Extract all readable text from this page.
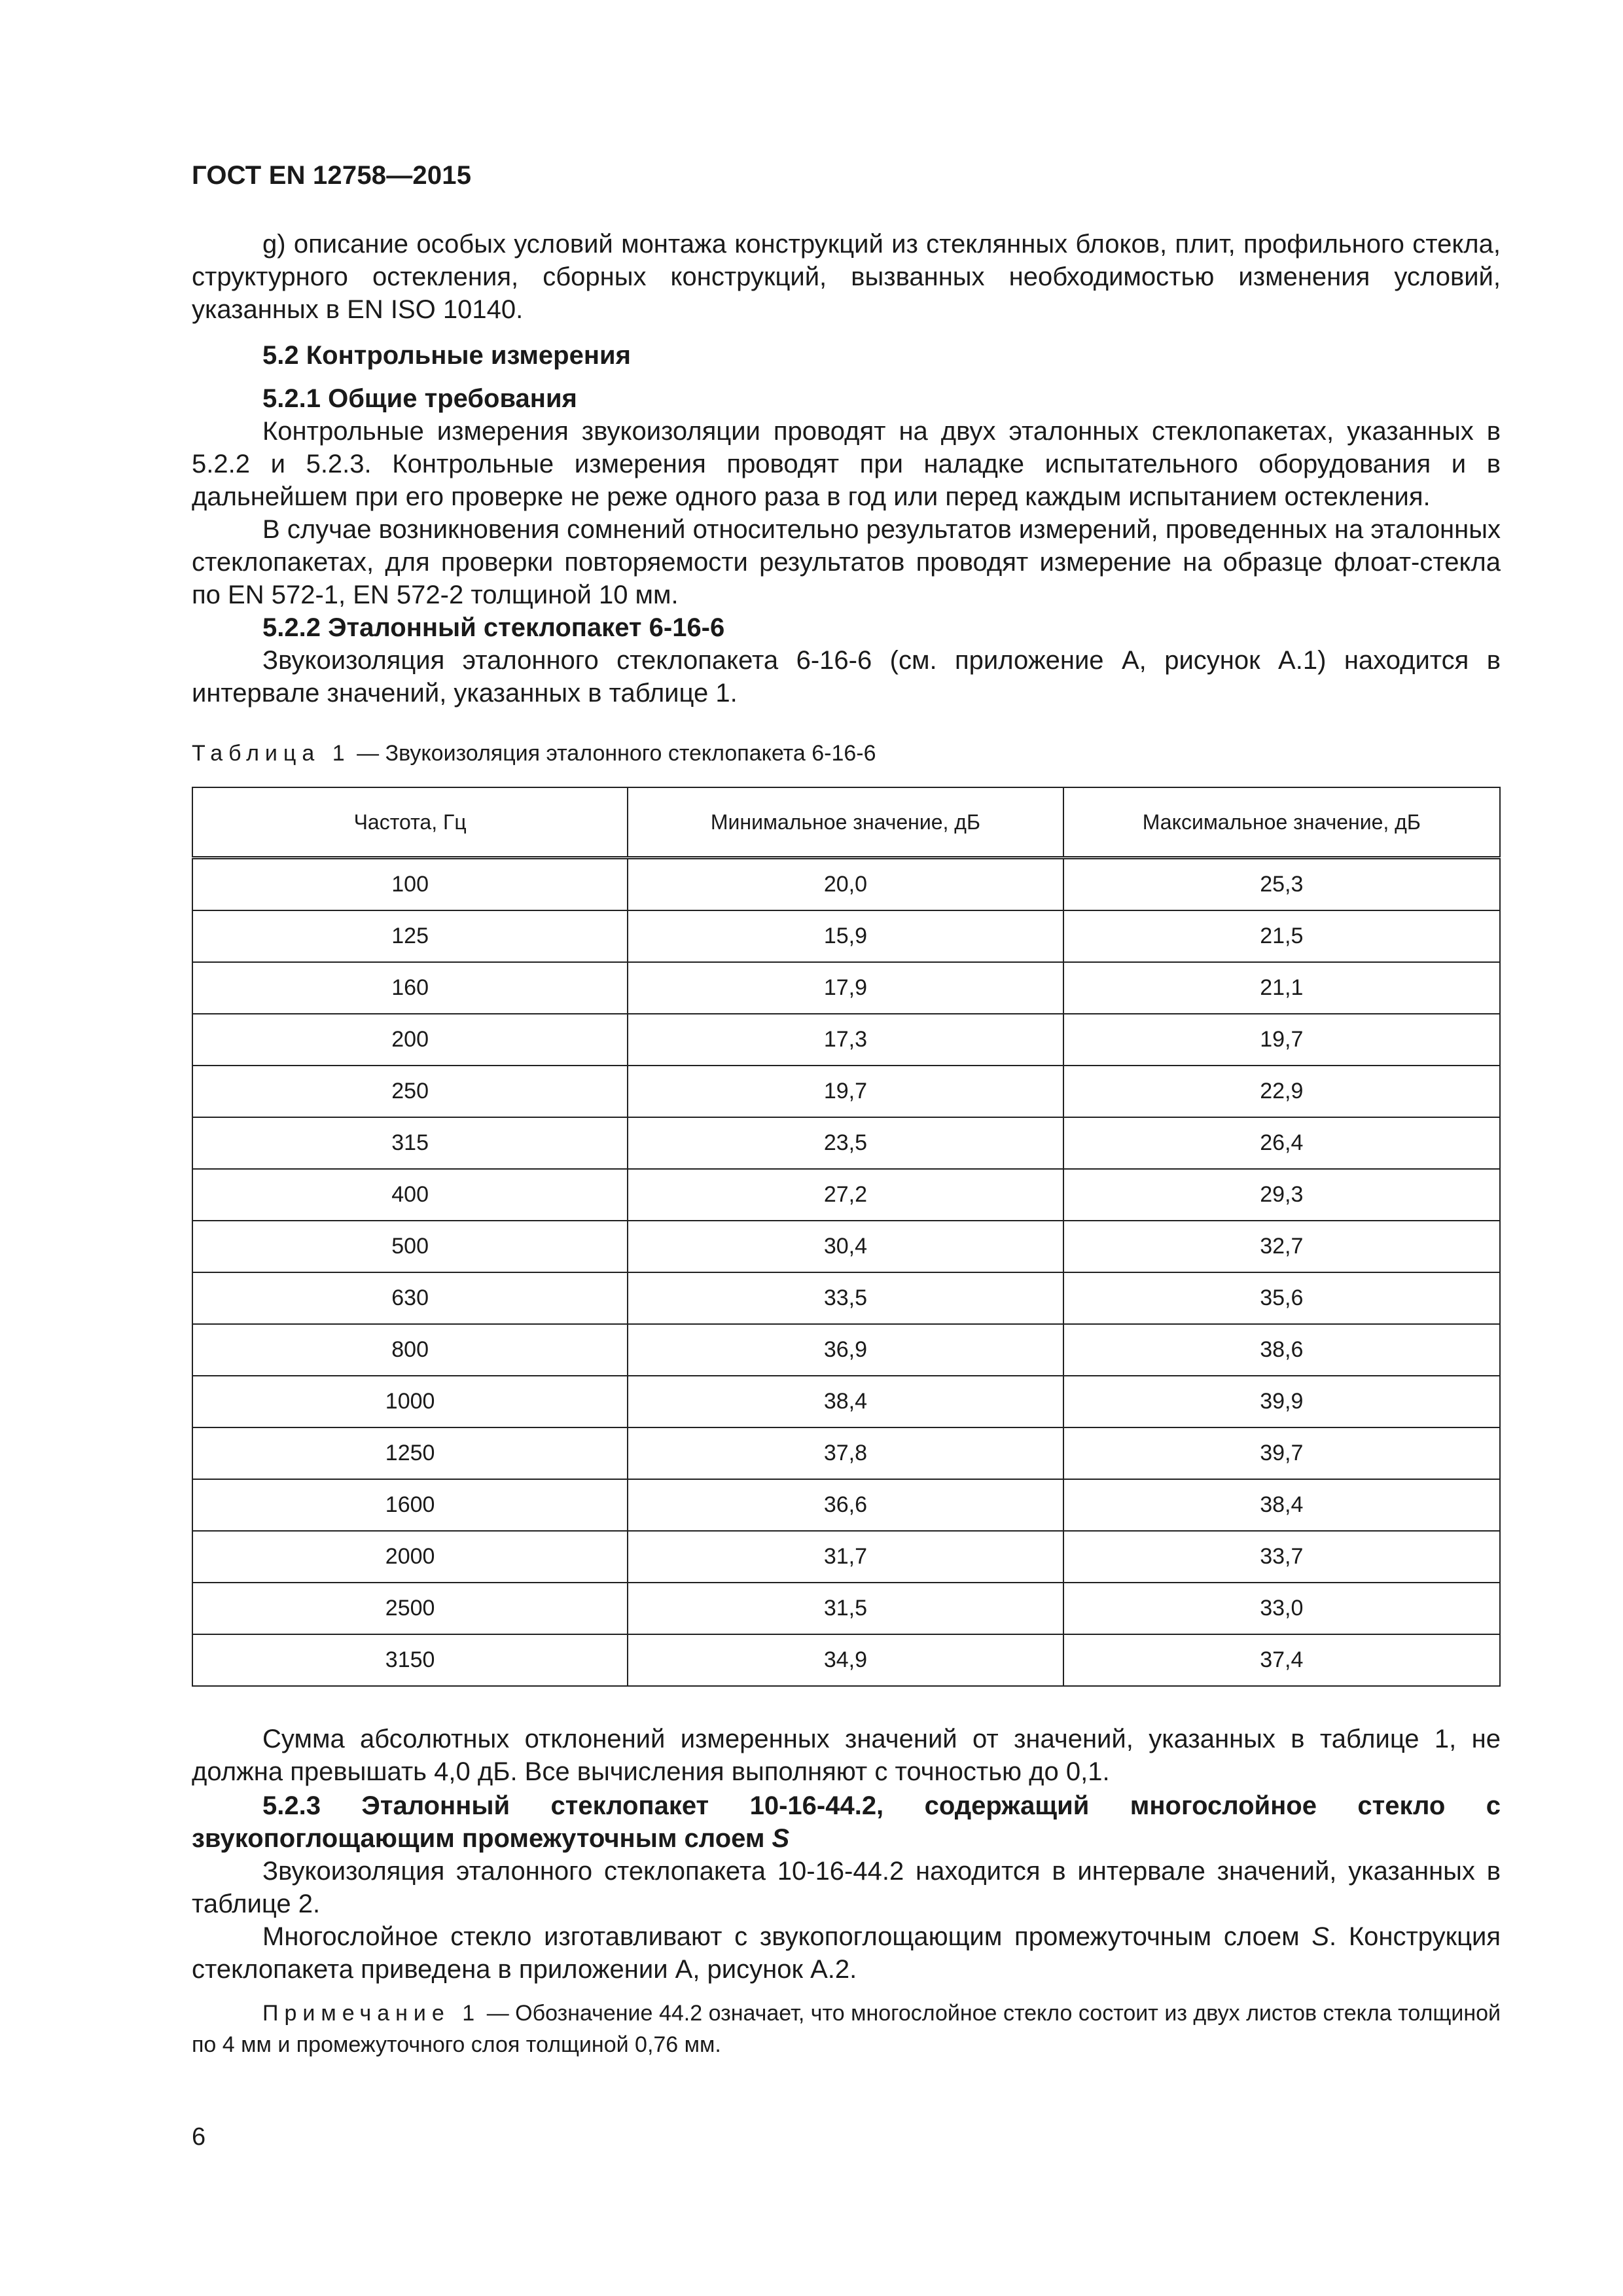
ГОСТ EN 12758—2015

g) описание особых условий монтажа конструкций из стеклянных блоков, плит, профильного стекла, структурного остекления, сборных конструкций, вызванных необходимостью изменения условий, указанных в EN ISO 10140.

5.2 Контрольные измерения

5.2.1 Общие требования

Контрольные измерения звукоизоляции проводят на двух эталонных стеклопакетах, указанных в 5.2.2 и 5.2.3. Контрольные измерения проводят при наладке испытательного оборудования и в дальнейшем при его проверке не реже одного раза в год или перед каждым испытанием остекления.

В случае возникновения сомнений относительно результатов измерений, проведенных на эталонных стеклопакетах, для проверки повторяемости результатов проводят измерение на образце флоат-стекла по EN 572-1, EN 572-2 толщиной 10 мм.

5.2.2 Эталонный стеклопакет 6-16-6

Звукоизоляция эталонного стеклопакета 6-16-6 (см. приложение А, рисунок А.1) находится в интервале значений, указанных в таблице 1.

Таблица 1 — Звукоизоляция эталонного стеклопакета 6-16-6
Частота, Гц	Минимальное значение, дБ	Максимальное значение, дБ
100	20,0	25,3
125	15,9	21,5
160	17,9	21,1
200	17,3	19,7
250	19,7	22,9
315	23,5	26,4
400	27,2	29,3
500	30,4	32,7
630	33,5	35,6
800	36,9	38,6
1000	38,4	39,9
1250	37,8	39,7
1600	36,6	38,4
2000	31,7	33,7
2500	31,5	33,0
3150	34,9	37,4

Сумма абсолютных отклонений измеренных значений от значений, указанных в таблице 1, не должна превышать 4,0 дБ. Все вычисления выполняют с точностью до 0,1.

5.2.3 Эталонный стеклопакет 10-16-44.2, содержащий многослойное стекло с звукопоглощающим промежуточным слоем S

Звукоизоляция эталонного стеклопакета 10-16-44.2 находится в интервале значений, указанных в таблице 2.

Многослойное стекло изготавливают с звукопоглощающим промежуточным слоем S. Конструкция стеклопакета приведена в приложении А, рисунок А.2.

Примечание 1 — Обозначение 44.2 означает, что многослойное стекло состоит из двух листов стекла толщиной по 4 мм и промежуточного слоя толщиной 0,76 мм.

6
